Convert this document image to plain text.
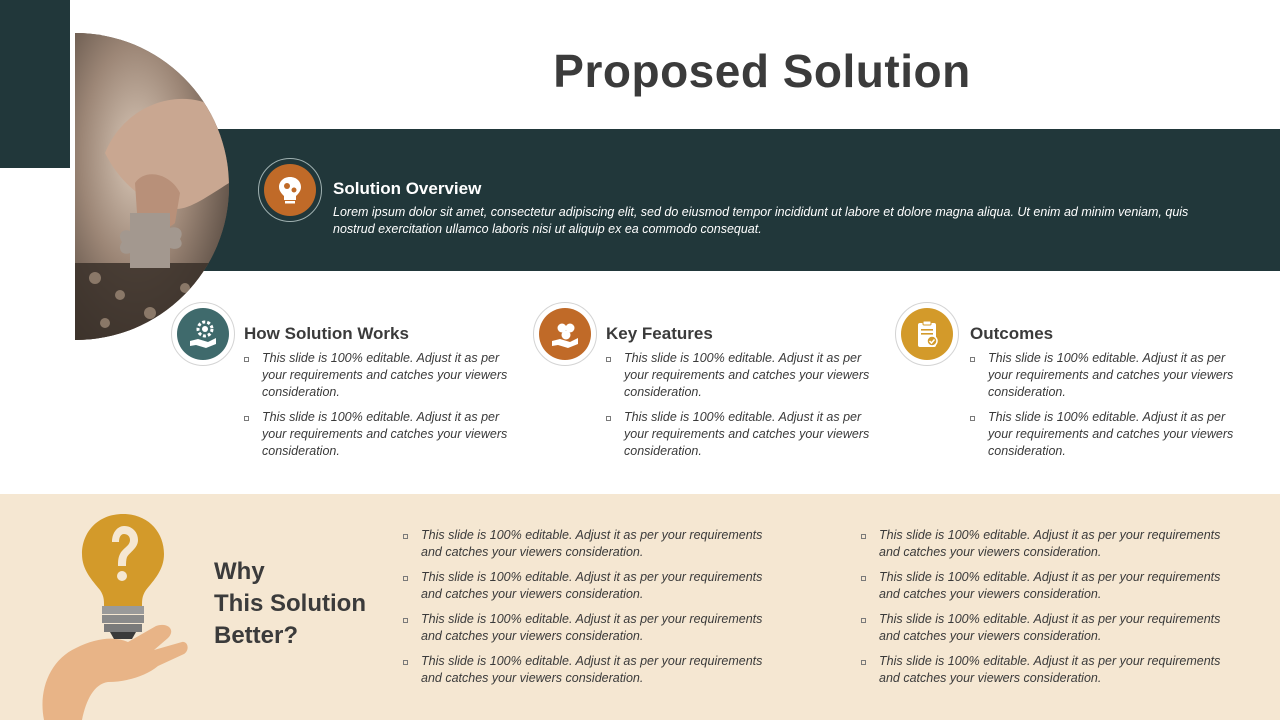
Proposed Solution
Solution Overview
Lorem ipsum dolor sit amet, consectetur adipiscing elit, sed do eiusmod tempor incididunt ut labore et dolore magna aliqua. Ut enim ad minim veniam, quis nostrud exercitation ullamco laboris nisi ut aliquip ex ea commodo consequat.
How Solution Works
This slide is 100% editable. Adjust it as per your requirements and catches your viewers consideration.
This slide is 100% editable. Adjust it as per your requirements and catches your viewers consideration.
Key Features
This slide is 100% editable. Adjust it as per your requirements and catches your viewers consideration.
This slide is 100% editable. Adjust it as per your requirements and catches your viewers consideration.
Outcomes
This slide is 100% editable. Adjust it as per your requirements and catches your viewers consideration.
This slide is 100% editable. Adjust it as per your requirements and catches your viewers consideration.
Why
This Solution
Better?
This slide is 100% editable. Adjust it as per your requirements and catches your viewers consideration.
This slide is 100% editable. Adjust it as per your requirements and catches your viewers consideration.
This slide is 100% editable. Adjust it as per your requirements and catches your viewers consideration.
This slide is 100% editable. Adjust it as per your requirements and catches your viewers consideration.
This slide is 100% editable. Adjust it as per your requirements and catches your viewers consideration.
This slide is 100% editable. Adjust it as per your requirements and catches your viewers consideration.
This slide is 100% editable. Adjust it as per your requirements and catches your viewers consideration.
This slide is 100% editable. Adjust it as per your requirements and catches your viewers consideration.
